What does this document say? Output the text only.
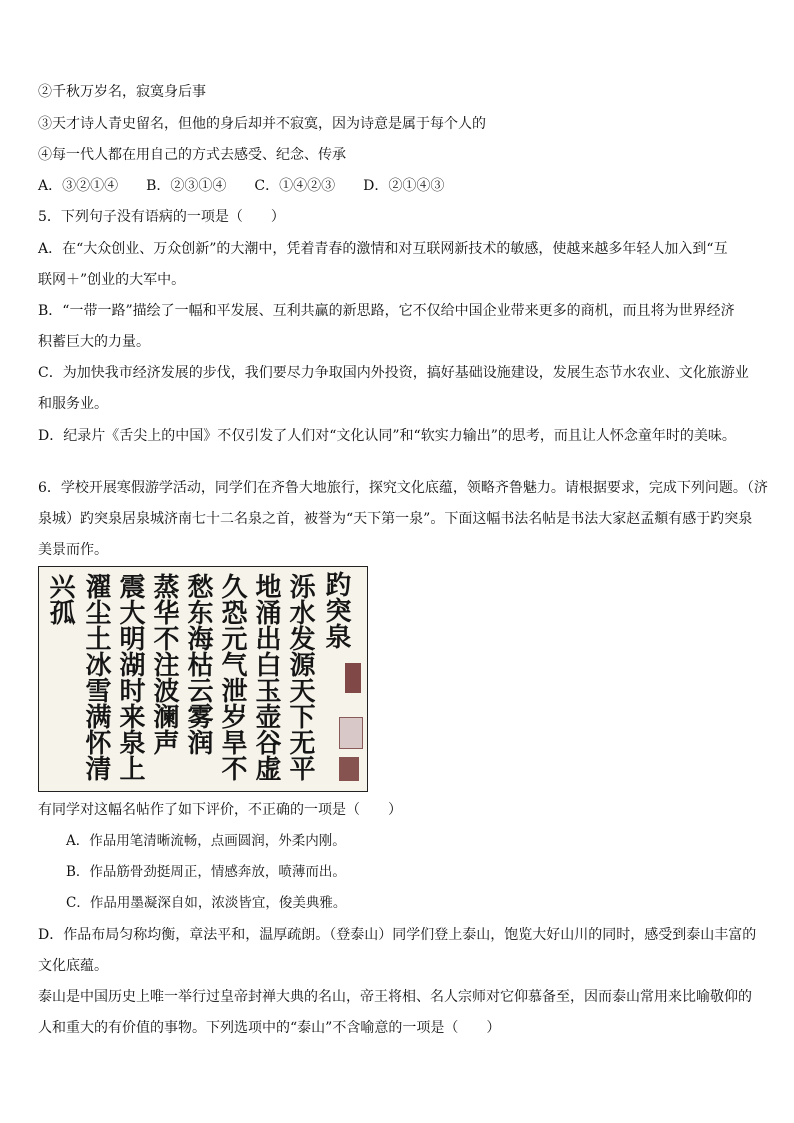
②千秋万岁名，寂寞身后事
③天才诗人青史留名，但他的身后却并不寂寞，因为诗意是属于每个人的
④每一代人都在用自己的方式去感受、纪念、传承
A．③②①④　　B．②③①④　　C．①④②③　　D．②①④③
5．下列句子没有语病的一项是（　　）
A．在“大众创业、万众创新”的大潮中，凭着青春的激情和对互联网新技术的敏感，使越来越多年轻人加入到“互
联网＋”创业的大军中。
B．“一带一路”描绘了一幅和平发展、互利共赢的新思路，它不仅给中国企业带来更多的商机，而且将为世界经济
积蓄巨大的力量。
C．为加快我市经济发展的步伐，我们要尽力争取国内外投资，搞好基础设施建设，发展生态节水农业、文化旅游业
和服务业。
D．纪录片《舌尖上的中国》不仅引发了人们对“文化认同”和“软实力输出”的思考，而且让人怀念童年时的美味。
6．学校开展寒假游学活动，同学们在齐鲁大地旅行，探究文化底蕴，领略齐鲁魅力。请根据要求，完成下列问题。（济
泉城）趵突泉居泉城济南七十二名泉之首，被誉为“天下第一泉”。下面这幅书法名帖是书法大家赵孟頫有感于趵突泉
美景而作。
趵突泉
泺水发源天下无平
地涌出白玉壶谷虚
久恐元气泄岁旱不
愁东海枯云雾润
蒸华不注波澜声
震大明湖时来泉上
濯尘土冰雪满怀清
兴孤
有同学对这幅名帖作了如下评价，不正确的一项是（　　）
A．作品用笔清晰流畅，点画圆润，外柔内刚。
B．作品筋骨劲挺周正，情感奔放，喷薄而出。
C．作品用墨凝深自如，浓淡皆宜，俊美典雅。
D．作品布局匀称均衡，章法平和，温厚疏朗。（登泰山）同学们登上泰山，饱览大好山川的同时，感受到泰山丰富的
文化底蕴。
泰山是中国历史上唯一举行过皇帝封禅大典的名山，帝王将相、名人宗师对它仰慕备至，因而泰山常用来比喻敬仰的
人和重大的有价值的事物。下列选项中的“泰山”不含喻意的一项是（　　）
